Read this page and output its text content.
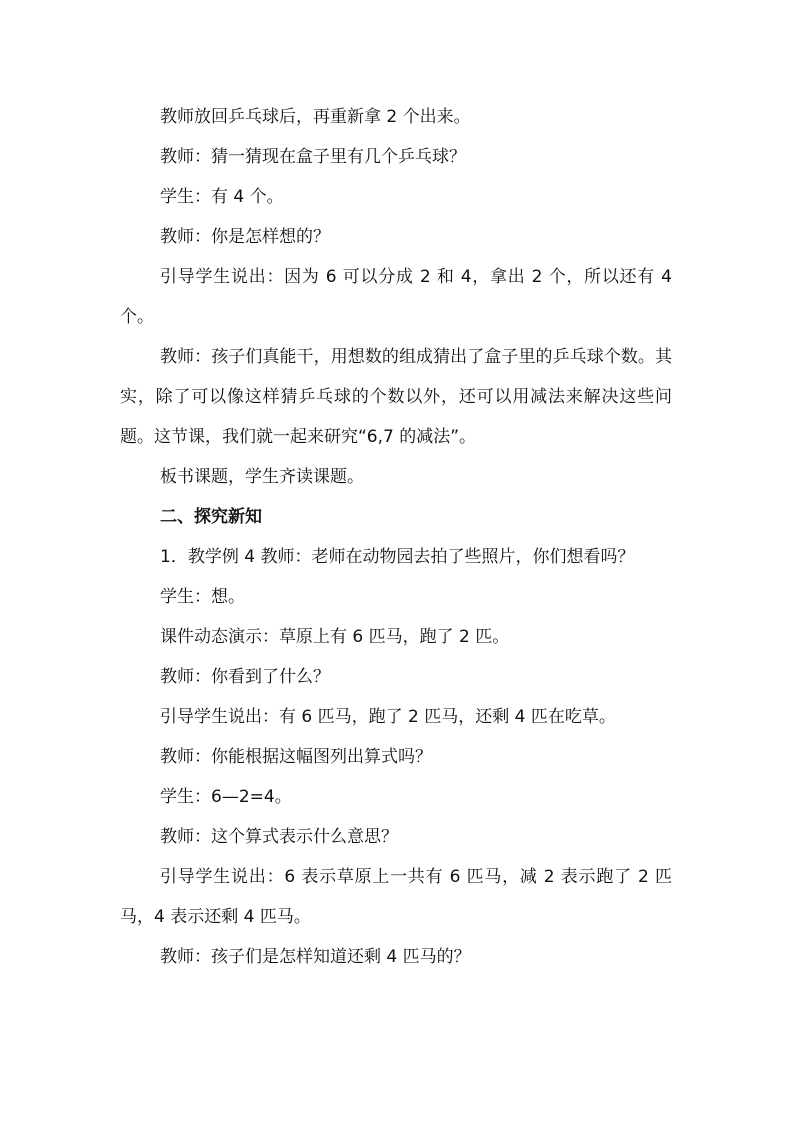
教师放回乒乓球后，再重新拿 2 个出来。

教师：猜一猜现在盒子里有几个乒乓球？

学生：有 4 个。

教师：你是怎样想的？

引导学生说出：因为 6 可以分成 2 和 4，拿出 2 个，所以还有 4 个。

教师：孩子们真能干，用想数的组成猜出了盒子里的乒乓球个数。其实，除了可以像这样猜乒乓球的个数以外，还可以用减法来解决这些问题。这节课，我们就一起来研究“6,7 的减法”。

板书课题，学生齐读课题。

二、探究新知

1．教学例 4 教师：老师在动物园去拍了些照片，你们想看吗？

学生：想。

课件动态演示：草原上有 6 匹马，跑了 2 匹。

教师：你看到了什么？

引导学生说出：有 6 匹马，跑了 2 匹马，还剩 4 匹在吃草。

教师：你能根据这幅图列出算式吗？

学生：6—2=4。

教师：这个算式表示什么意思？

引导学生说出：6 表示草原上一共有 6 匹马，减 2 表示跑了 2 匹马，4 表示还剩 4 匹马。

教师：孩子们是怎样知道还剩 4 匹马的？
